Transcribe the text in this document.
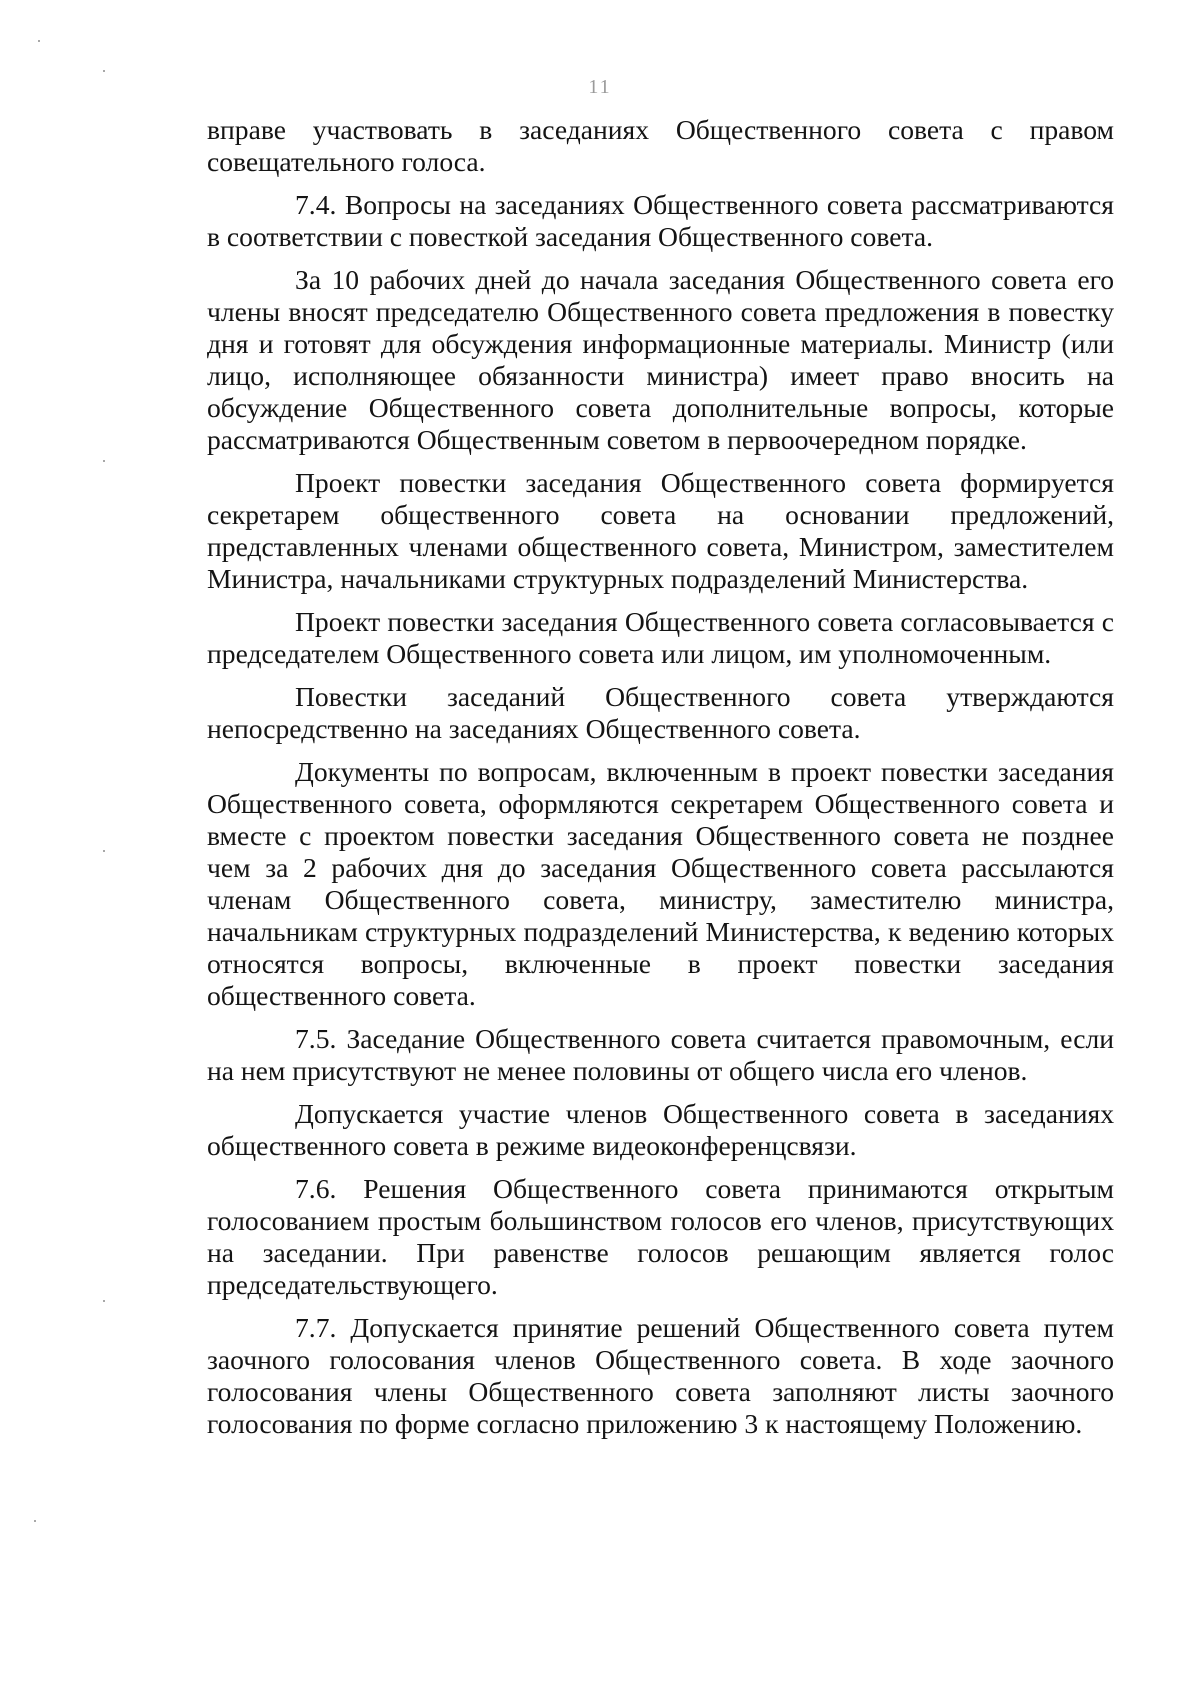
11

вправе участвовать в заседаниях Общественного совета с правом совещательного голоса.

7.4. Вопросы на заседаниях Общественного совета рассматриваются в соответствии с повесткой заседания Общественного совета.

За 10 рабочих дней до начала заседания Общественного совета его члены вносят председателю Общественного совета предложения в повестку дня и готовят для обсуждения информационные материалы. Министр (или лицо, исполняющее обязанности министра) имеет право вносить на обсуждение Общественного совета дополнительные вопросы, которые рассматриваются Общественным советом в первоочередном порядке.

Проект повестки заседания Общественного совета формируется секретарем общественного совета на основании предложений, представленных членами общественного совета, Министром, заместителем Министра, начальниками структурных подразделений Министерства.

Проект повестки заседания Общественного совета согласовывается с председателем Общественного совета или лицом, им уполномоченным.

Повестки заседаний Общественного совета утверждаются непосредственно на заседаниях Общественного совета.

Документы по вопросам, включенным в проект повестки заседания Общественного совета, оформляются секретарем Общественного совета и вместе с проектом повестки заседания Общественного совета не позднее чем за 2 рабочих дня до заседания Общественного совета рассылаются членам Общественного совета, министру, заместителю министра, начальникам структурных подразделений Министерства, к ведению которых относятся вопросы, включенные в проект повестки заседания общественного совета.

7.5. Заседание Общественного совета считается правомочным, если на нем присутствуют не менее половины от общего числа его членов.

Допускается участие членов Общественного совета в заседаниях общественного совета в режиме видеоконференцсвязи.

7.6. Решения Общественного совета принимаются открытым голосованием простым большинством голосов его членов, присутствующих на заседании. При равенстве голосов решающим является голос председательствующего.

7.7. Допускается принятие решений Общественного совета путем заочного голосования членов Общественного совета. В ходе заочного голосования члены Общественного совета заполняют листы заочного голосования по форме согласно приложению 3 к настоящему Положению.
